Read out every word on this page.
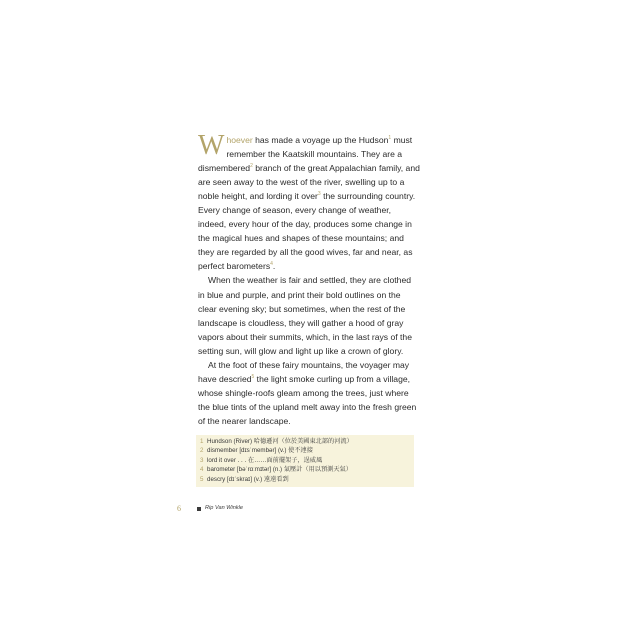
Whoever has made a voyage up the Hudson$^1$ must remember the Kaatskill mountains. They are a dismembered$^2$ branch of the great Appalachian family, and are seen away to the west of the river, swelling up to a noble height, and lording it over$^3$ the surrounding country. Every change of season, every change of weather, indeed, every hour of the day, produces some change in the magical hues and shapes of these mountains; and they are regarded by all the good wives, far and near, as perfect barometers$^4$.

When the weather is fair and settled, they are clothed in blue and purple, and print their bold outlines on the clear evening sky; but sometimes, when the rest of the landscape is cloudless, they will gather a hood of gray vapors about their summits, which, in the last rays of the setting sun, will glow and light up like a crown of glory.

At the foot of these fairy mountains, the voyager may have descried$^5$ the light smoke curling up from a village, whose shingle-roofs gleam among the trees, just where the blue tints of the upland melt away into the fresh green of the nearer landscape.

1 Hundson (River) 哈德遜河（位於美國東北部的河流）
2 dismember [dɪsˈmembər] (v.) 使不連接
3 lord it over . . . 在……面前擺架子，逞威風
4 barometer [bəˈrɑːmɪtər] (n.) 氣壓計（用以預測天氣）
5 descry [dɪˈskraɪ] (v.) 遠遠看到
6	Rip Van Winkle
